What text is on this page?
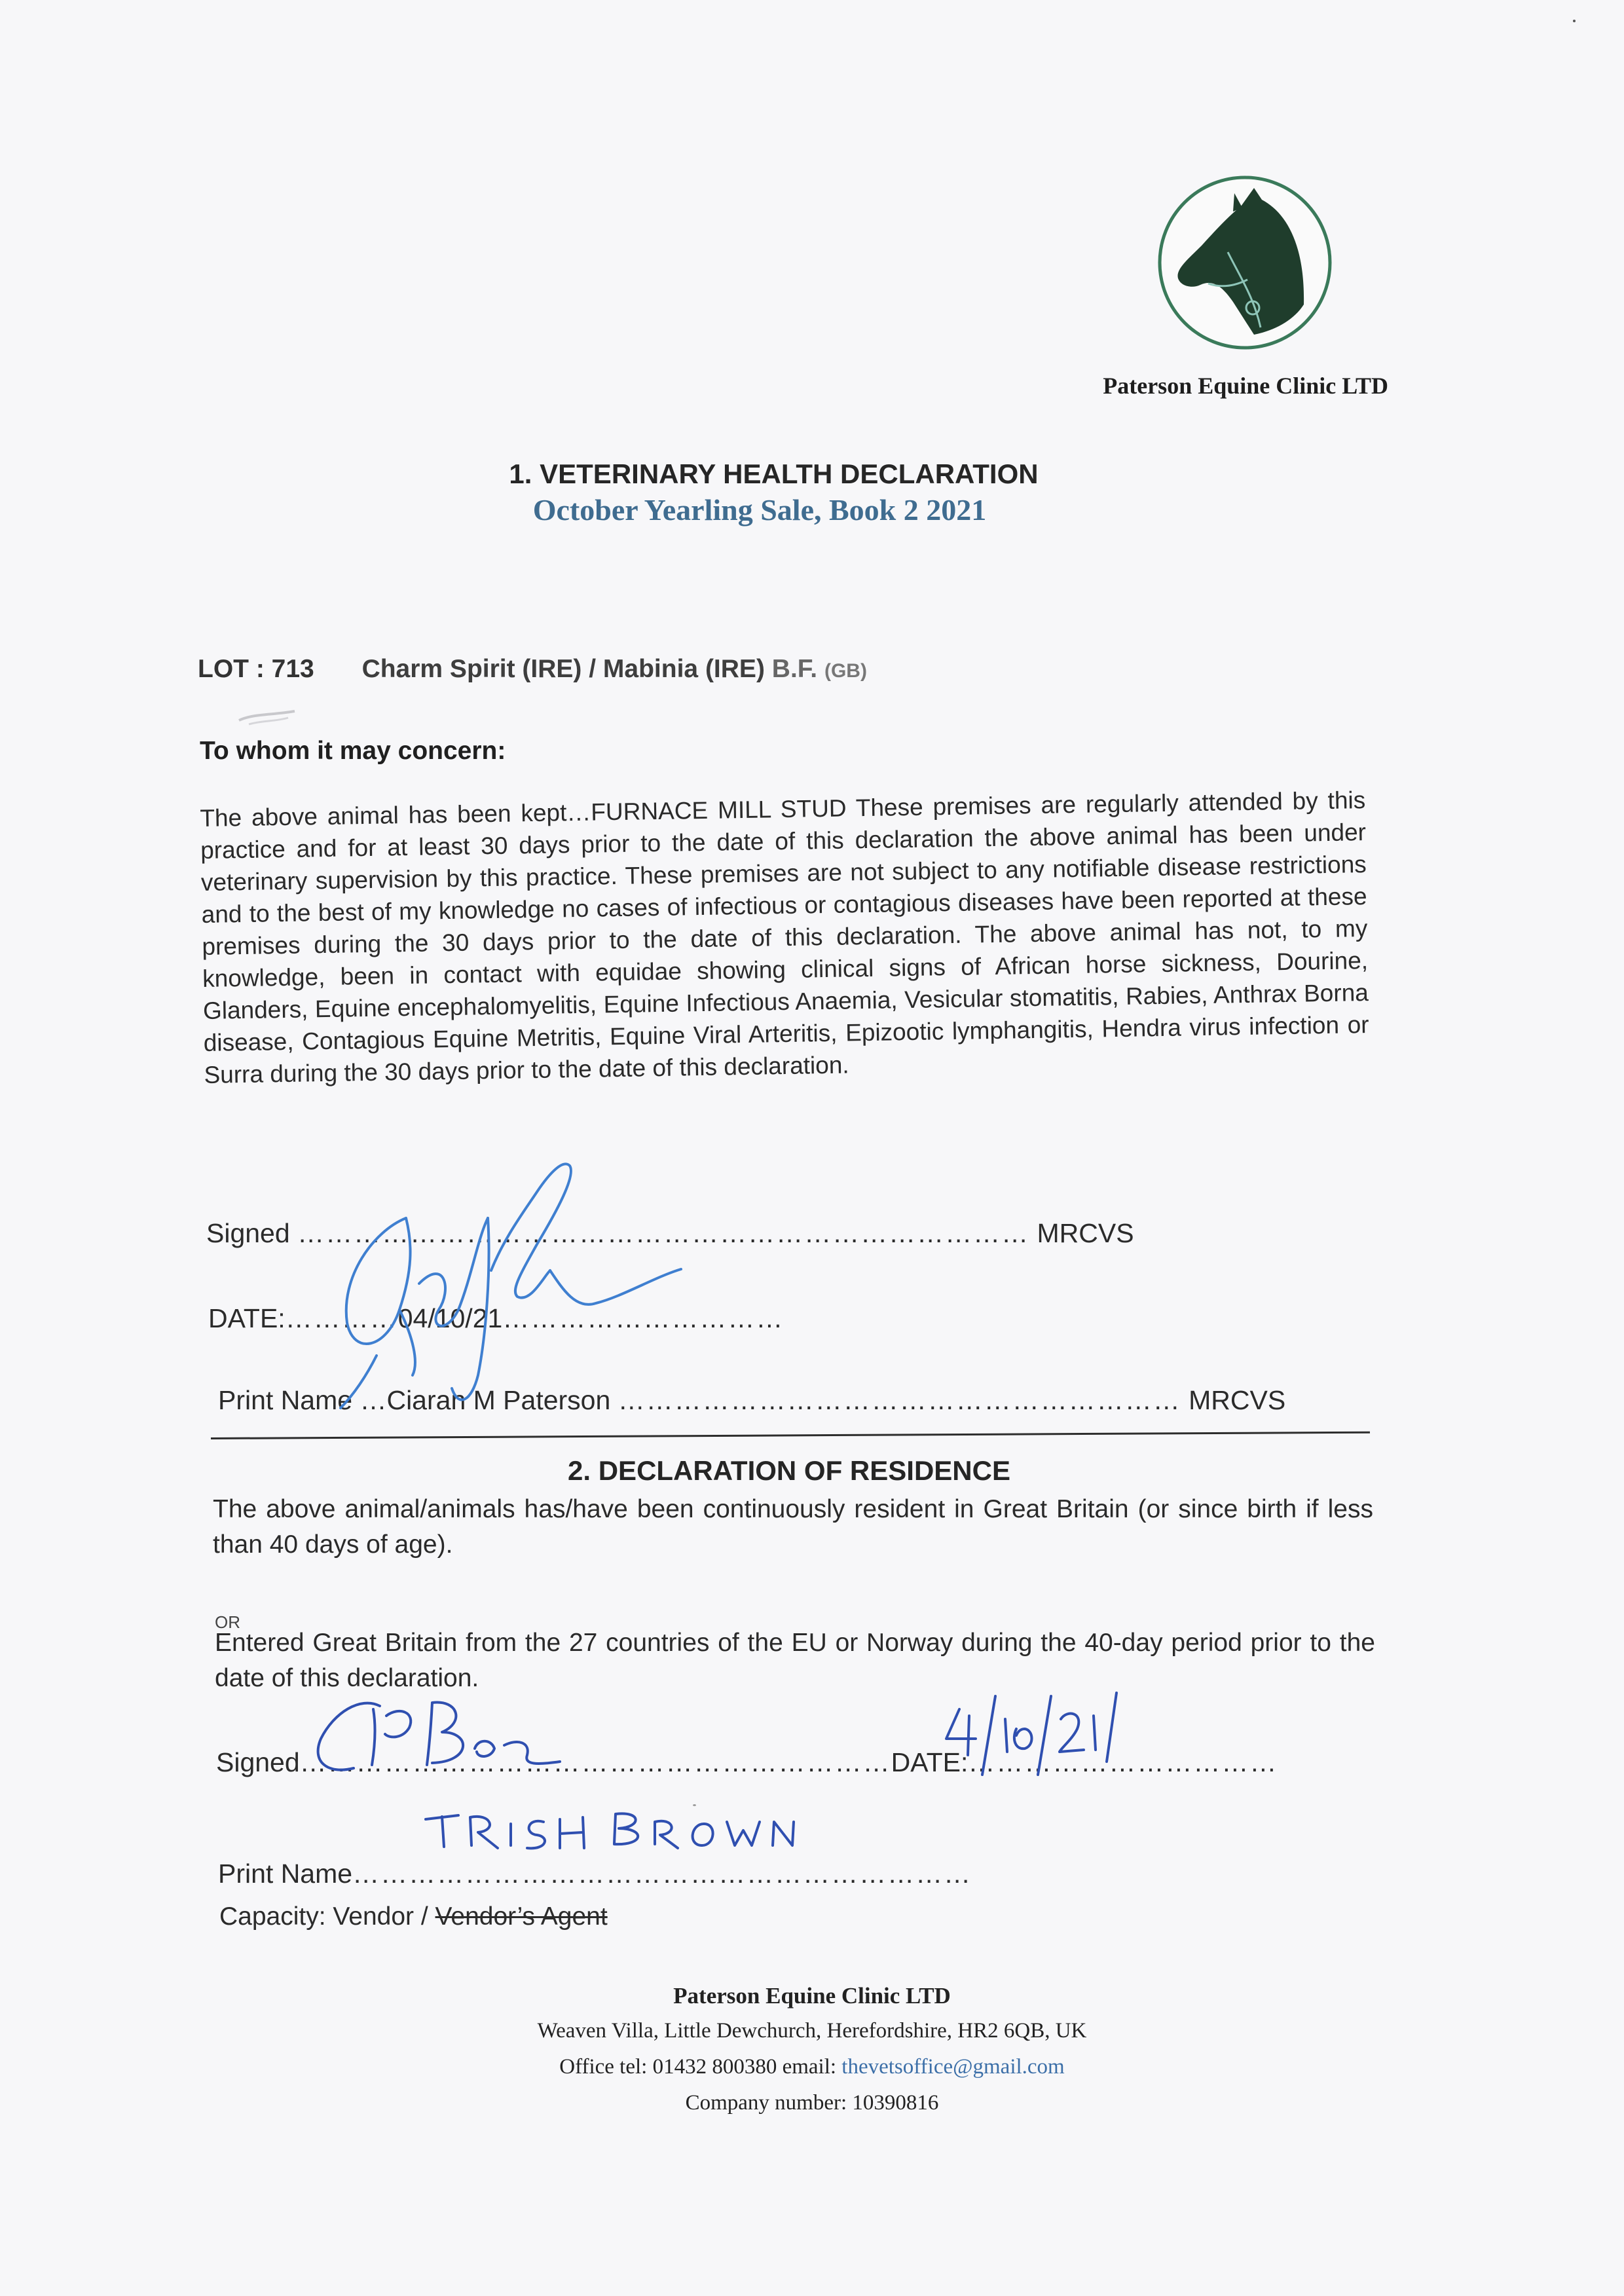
Paterson Equine Clinic LTD
1. VETERINARY HEALTH DECLARATION
October Yearling Sale, Book 2 2021
LOT : 713 Charm Spirit (IRE) / Mabinia (IRE) B.F. (GB)
To whom it may concern:
The above animal has been kept…FURNACE MILL STUD These premises are regularly attended by this practice and for at least 30 days prior to the date of this declaration the above animal has been under veterinary supervision by this practice. These premises are not subject to any notifiable disease restrictions and to the best of my knowledge no cases of infectious or contagious diseases have been reported at these premises during the 30 days prior to the date of this declaration. The above animal has not, to my knowledge, been in contact with equidae showing clinical signs of African horse sickness, Dourine, Glanders, Equine encephalomyelitis, Equine Infectious Anaemia, Vesicular stomatitis, Rabies, Anthrax Borna disease, Contagious Equine Metritis, Equine Viral Arteritis, Epizootic lymphangitis, Hendra virus infection or Surra during the 30 days prior to the date of this declaration.
Signed …………………………………………………………………… MRCVS
DATE:…………04/10/21…………………………
Print Name …Ciaran M Paterson …………………………………………………… MRCVS
2. DECLARATION OF RESIDENCE
The above animal/animals has/have been continuously resident in Great Britain (or since birth if less than 40 days of age).
OR
Entered Great Britain from the 27 countries of the EU or Norway during the 40-day period prior to the date of this declaration.
Signed………………………………………………………DATE:……………………………
Print Name…………………………………………………………
Capacity: Vendor / Vendor’s Agent
Paterson Equine Clinic LTD
Weaven Villa, Little Dewchurch, Herefordshire, HR2 6QB, UK
Office tel: 01432 800380 email: thevetsoffice@gmail.com
Company number: 10390816
